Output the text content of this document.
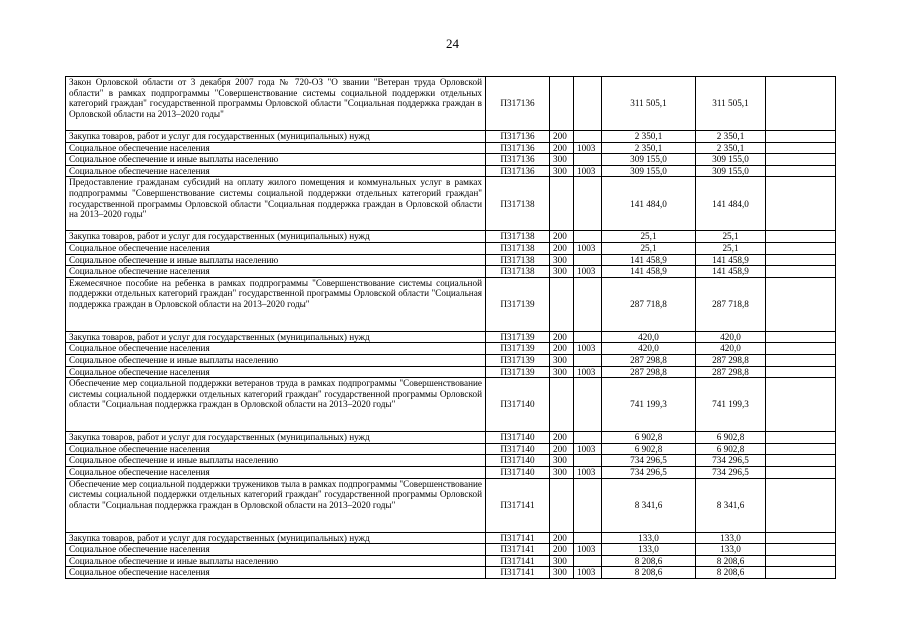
24
Закон Орловской области от 3 декабря 2007 года № 720-ОЗ "О звании "Ветеран труда Орловской области" в рамках подпрограммы "Совершенствование системы социальной поддержки отдельных категорий граждан" государственной программы Орловской области "Социальная поддержка граждан в Орловской области на 2013–2020 годы"	П317136			311 505,1	311 505,1	
Закупка товаров, работ и услуг для государственных (муниципальных) нужд	П317136	200		2 350,1	2 350,1	
Социальное обеспечение населения	П317136	200	1003	2 350,1	2 350,1	
Социальное обеспечение и иные выплаты населению	П317136	300		309 155,0	309 155,0	
Социальное обеспечение населения	П317136	300	1003	309 155,0	309 155,0	
Предоставление гражданам субсидий на оплату жилого помещения и коммунальных услуг в рамках подпрограммы "Совершенствование системы социальной поддержки отдельных категорий граждан" государственной программы Орловской области "Социальная поддержка граждан в Орловской области на 2013–2020 годы"	П317138			141 484,0	141 484,0	
Закупка товаров, работ и услуг для государственных (муниципальных) нужд	П317138	200		25,1	25,1	
Социальное обеспечение населения	П317138	200	1003	25,1	25,1	
Социальное обеспечение и иные выплаты населению	П317138	300		141 458,9	141 458,9	
Социальное обеспечение населения	П317138	300	1003	141 458,9	141 458,9	
Ежемесячное пособие на ребенка в рамках подпрограммы "Совершенствование системы социальной поддержки отдельных категорий граждан" государственной программы Орловской области "Социальная поддержка граждан в Орловской области на 2013–2020 годы"	П317139			287 718,8	287 718,8	
Закупка товаров, работ и услуг для государственных (муниципальных) нужд	П317139	200		420,0	420,0	
Социальное обеспечение населения	П317139	200	1003	420,0	420,0	
Социальное обеспечение и иные выплаты населению	П317139	300		287 298,8	287 298,8	
Социальное обеспечение населения	П317139	300	1003	287 298,8	287 298,8	
Обеспечение мер социальной поддержки ветеранов труда в рамках подпрограммы "Совершенствование системы социальной поддержки отдельных категорий граждан" государственной программы Орловской области "Социальная поддержка граждан в Орловской области на 2013–2020 годы"	П317140			741 199,3	741 199,3	
Закупка товаров, работ и услуг для государственных (муниципальных) нужд	П317140	200		6 902,8	6 902,8	
Социальное обеспечение населения	П317140	200	1003	6 902,8	6 902,8	
Социальное обеспечение и иные выплаты населению	П317140	300		734 296,5	734 296,5	
Социальное обеспечение населения	П317140	300	1003	734 296,5	734 296,5	
Обеспечение мер социальной поддержки тружеников тыла в рамках подпрограммы "Совершенствование системы социальной поддержки отдельных категорий граждан" государственной программы Орловской области "Социальная поддержка граждан в Орловской области на 2013–2020 годы"	П317141			8 341,6	8 341,6	
Закупка товаров, работ и услуг для государственных (муниципальных) нужд	П317141	200		133,0	133,0	
Социальное обеспечение населения	П317141	200	1003	133,0	133,0	
Социальное обеспечение и иные выплаты населению	П317141	300		8 208,6	8 208,6	
Социальное обеспечение населения	П317141	300	1003	8 208,6	8 208,6	
